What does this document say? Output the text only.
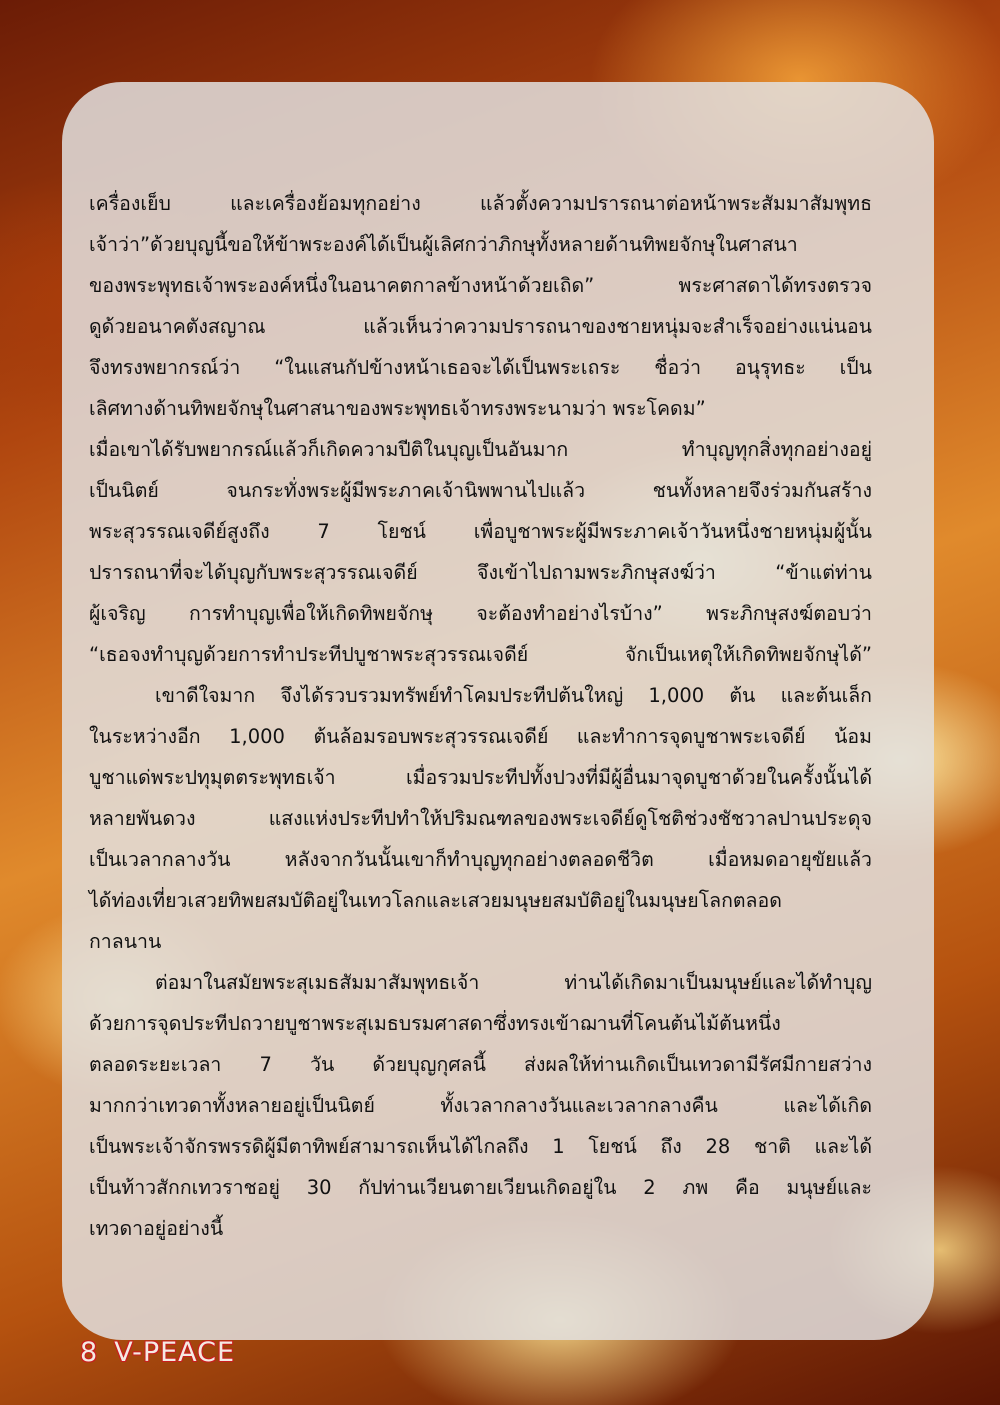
เครื่องเย็บ และเครื่องย้อมทุกอย่าง แล้วตั้งความปรารถนาต่อหน้าพระสัมมาสัมพุทธ
เจ้าว่า”ด้วยบุญนี้ขอให้ข้าพระองค์ได้เป็นผู้เลิศกว่าภิกษุทั้งหลายด้านทิพยจักษุในศาสนา
ของพระพุทธเจ้าพระองค์หนึ่งในอนาคตกาลข้างหน้าด้วยเถิด” พระศาสดาได้ทรงตรวจ
ดูด้วยอนาคตังสญาณ แล้วเห็นว่าความปรารถนาของชายหนุ่มจะสำเร็จอย่างแน่นอน
จึงทรงพยากรณ์ว่า “ในแสนกัปข้างหน้าเธอจะได้เป็นพระเถระ ชื่อว่า อนุรุทธะ เป็น
เลิศทางด้านทิพยจักษุในศาสนาของพระพุทธเจ้าทรงพระนามว่า พระโคดม”
เมื่อเขาได้รับพยากรณ์แล้วก็เกิดความปีติในบุญเป็นอันมาก ทำบุญทุกสิ่งทุกอย่างอยู่
เป็นนิตย์ จนกระทั่งพระผู้มีพระภาคเจ้านิพพานไปแล้ว ชนทั้งหลายจึงร่วมกันสร้าง
พระสุวรรณเจดีย์สูงถึง 7 โยชน์ เพื่อบูชาพระผู้มีพระภาคเจ้าวันหนึ่งชายหนุ่มผู้นั้น
ปรารถนาที่จะได้บุญกับพระสุวรรณเจดีย์ จึงเข้าไปถามพระภิกษุสงฆ์ว่า “ข้าแต่ท่าน
ผู้เจริญ การทำบุญเพื่อให้เกิดทิพยจักษุ จะต้องทำอย่างไรบ้าง” พระภิกษุสงฆ์ตอบว่า
“เธอจงทำบุญด้วยการทำประทีปบูชาพระสุวรรณเจดีย์ จักเป็นเหตุให้เกิดทิพยจักษุได้”
เขาดีใจมาก จึงได้รวบรวมทรัพย์ทำโคมประทีปต้นใหญ่ 1,000 ต้น และต้นเล็ก
ในระหว่างอีก 1,000 ต้นล้อมรอบพระสุวรรณเจดีย์ และทำการจุดบูชาพระเจดีย์ น้อม
บูชาแด่พระปทุมุตตระพุทธเจ้า เมื่อรวมประทีปทั้งปวงที่มีผู้อื่นมาจุดบูชาด้วยในครั้งนั้นได้
หลายพันดวง แสงแห่งประทีปทำให้ปริมณฑลของพระเจดีย์ดูโชติช่วงชัชวาลปานประดุจ
เป็นเวลากลางวัน หลังจากวันนั้นเขาก็ทำบุญทุกอย่างตลอดชีวิต เมื่อหมดอายุขัยแล้ว
ได้ท่องเที่ยวเสวยทิพยสมบัติอยู่ในเทวโลกและเสวยมนุษยสมบัติอยู่ในมนุษยโลกตลอด
กาลนาน
ต่อมาในสมัยพระสุเมธสัมมาสัมพุทธเจ้า ท่านได้เกิดมาเป็นมนุษย์และได้ทำบุญ
ด้วยการจุดประทีปถวายบูชาพระสุเมธบรมศาสดาซึ่งทรงเข้าฌานที่โคนต้นไม้ต้นหนึ่ง
ตลอดระยะเวลา 7 วัน ด้วยบุญกุศลนี้ ส่งผลให้ท่านเกิดเป็นเทวดามีรัศมีกายสว่าง
มากกว่าเทวดาทั้งหลายอยู่เป็นนิตย์ ทั้งเวลากลางวันและเวลากลางคืน และได้เกิด
เป็นพระเจ้าจักรพรรดิผู้มีตาทิพย์สามารถเห็นได้ไกลถึง 1 โยชน์ ถึง 28 ชาติ และได้
เป็นท้าวสักกเทวราชอยู่ 30 กัปท่านเวียนตายเวียนเกิดอยู่ใน 2 ภพ คือ มนุษย์และ
เทวดาอยู่อย่างนี้
8 V-PEACE
